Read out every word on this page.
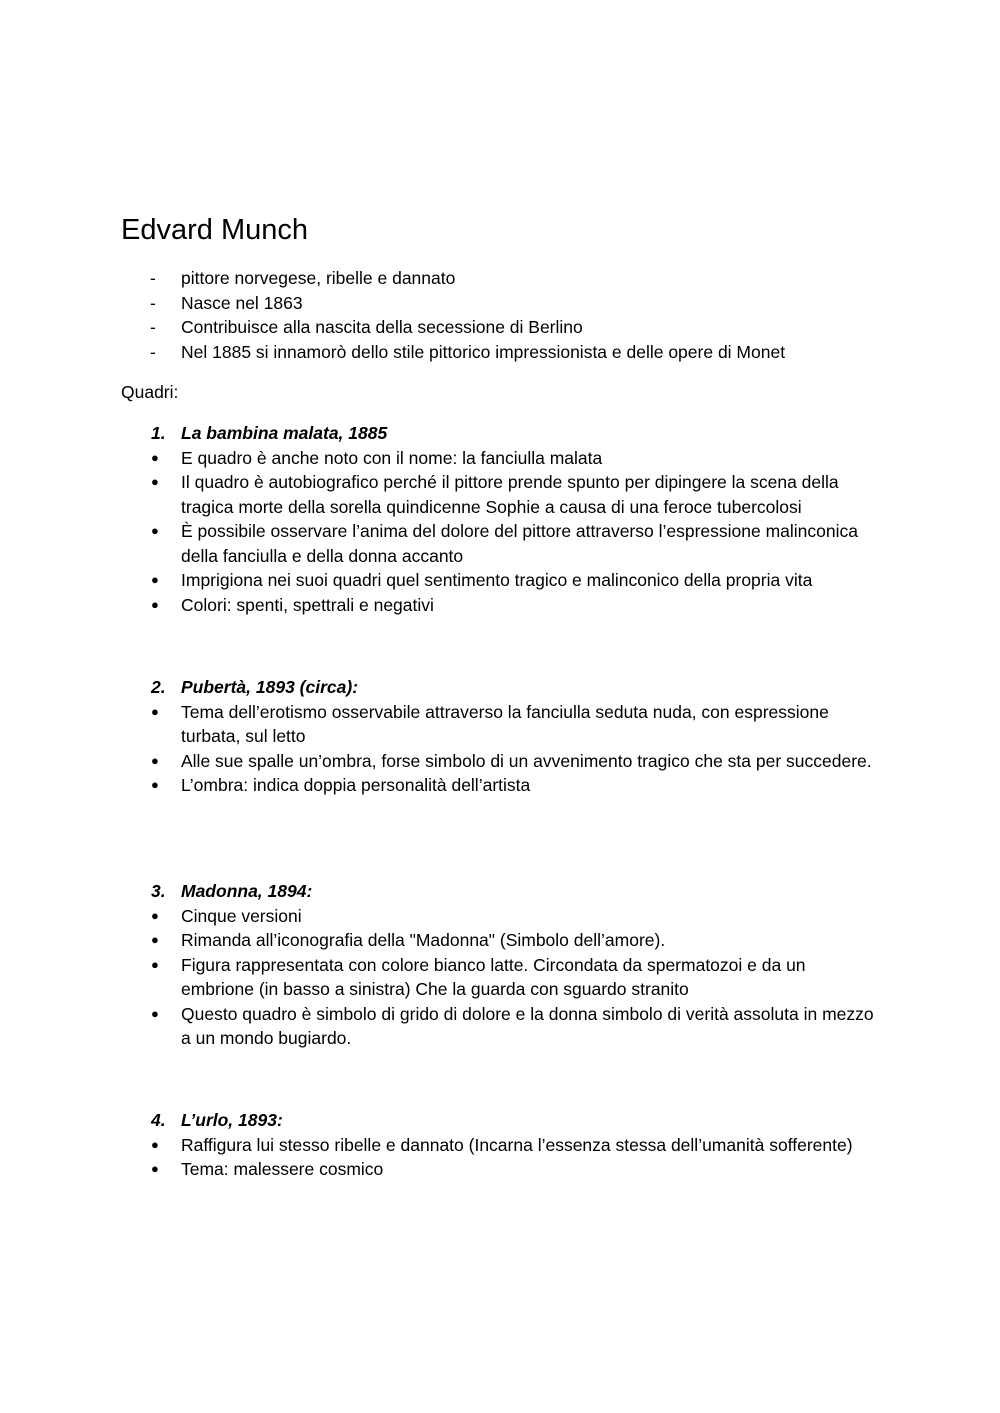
Edvard Munch
- pittore norvegese, ribelle e dannato
- Nasce nel 1863
- Contribuisce alla nascita della secessione di Berlino
- Nel 1885 si innamorò dello stile pittorico impressionista e delle opere di Monet
Quadri:
1. La bambina malata, 1885
● E quadro è anche noto con il nome: la fanciulla malata
● Il quadro è autobiografico perché il pittore prende spunto per dipingere la scena della tragica morte della sorella quindicenne Sophie a causa di una feroce tubercolosi
● È possibile osservare l’anima del dolore del pittore attraverso l’espressione malinconica della fanciulla e della donna accanto
● Imprigiona nei suoi quadri quel sentimento tragico e malinconico della propria vita
● Colori: spenti, spettrali e negativi
2. Pubertà, 1893 (circa):
● Tema dell’erotismo osservabile attraverso la fanciulla seduta nuda, con espressione turbata, sul letto
● Alle sue spalle un’ombra, forse simbolo di un avvenimento tragico che sta per succedere.
● L’ombra: indica doppia personalità dell’artista
3. Madonna, 1894:
● Cinque versioni
● Rimanda all’iconografia della "Madonna" (Simbolo dell’amore).
● Figura rappresentata con colore bianco latte. Circondata da spermatozoi e da un embrione (in basso a sinistra) Che la guarda con sguardo stranito
● Questo quadro è simbolo di grido di dolore e la donna simbolo di verità assoluta in mezzo a un mondo bugiardo.
4. L’urlo, 1893:
● Raffigura lui stesso ribelle e dannato (Incarna l’essenza stessa dell’umanità sofferente)
● Tema: malessere cosmico
